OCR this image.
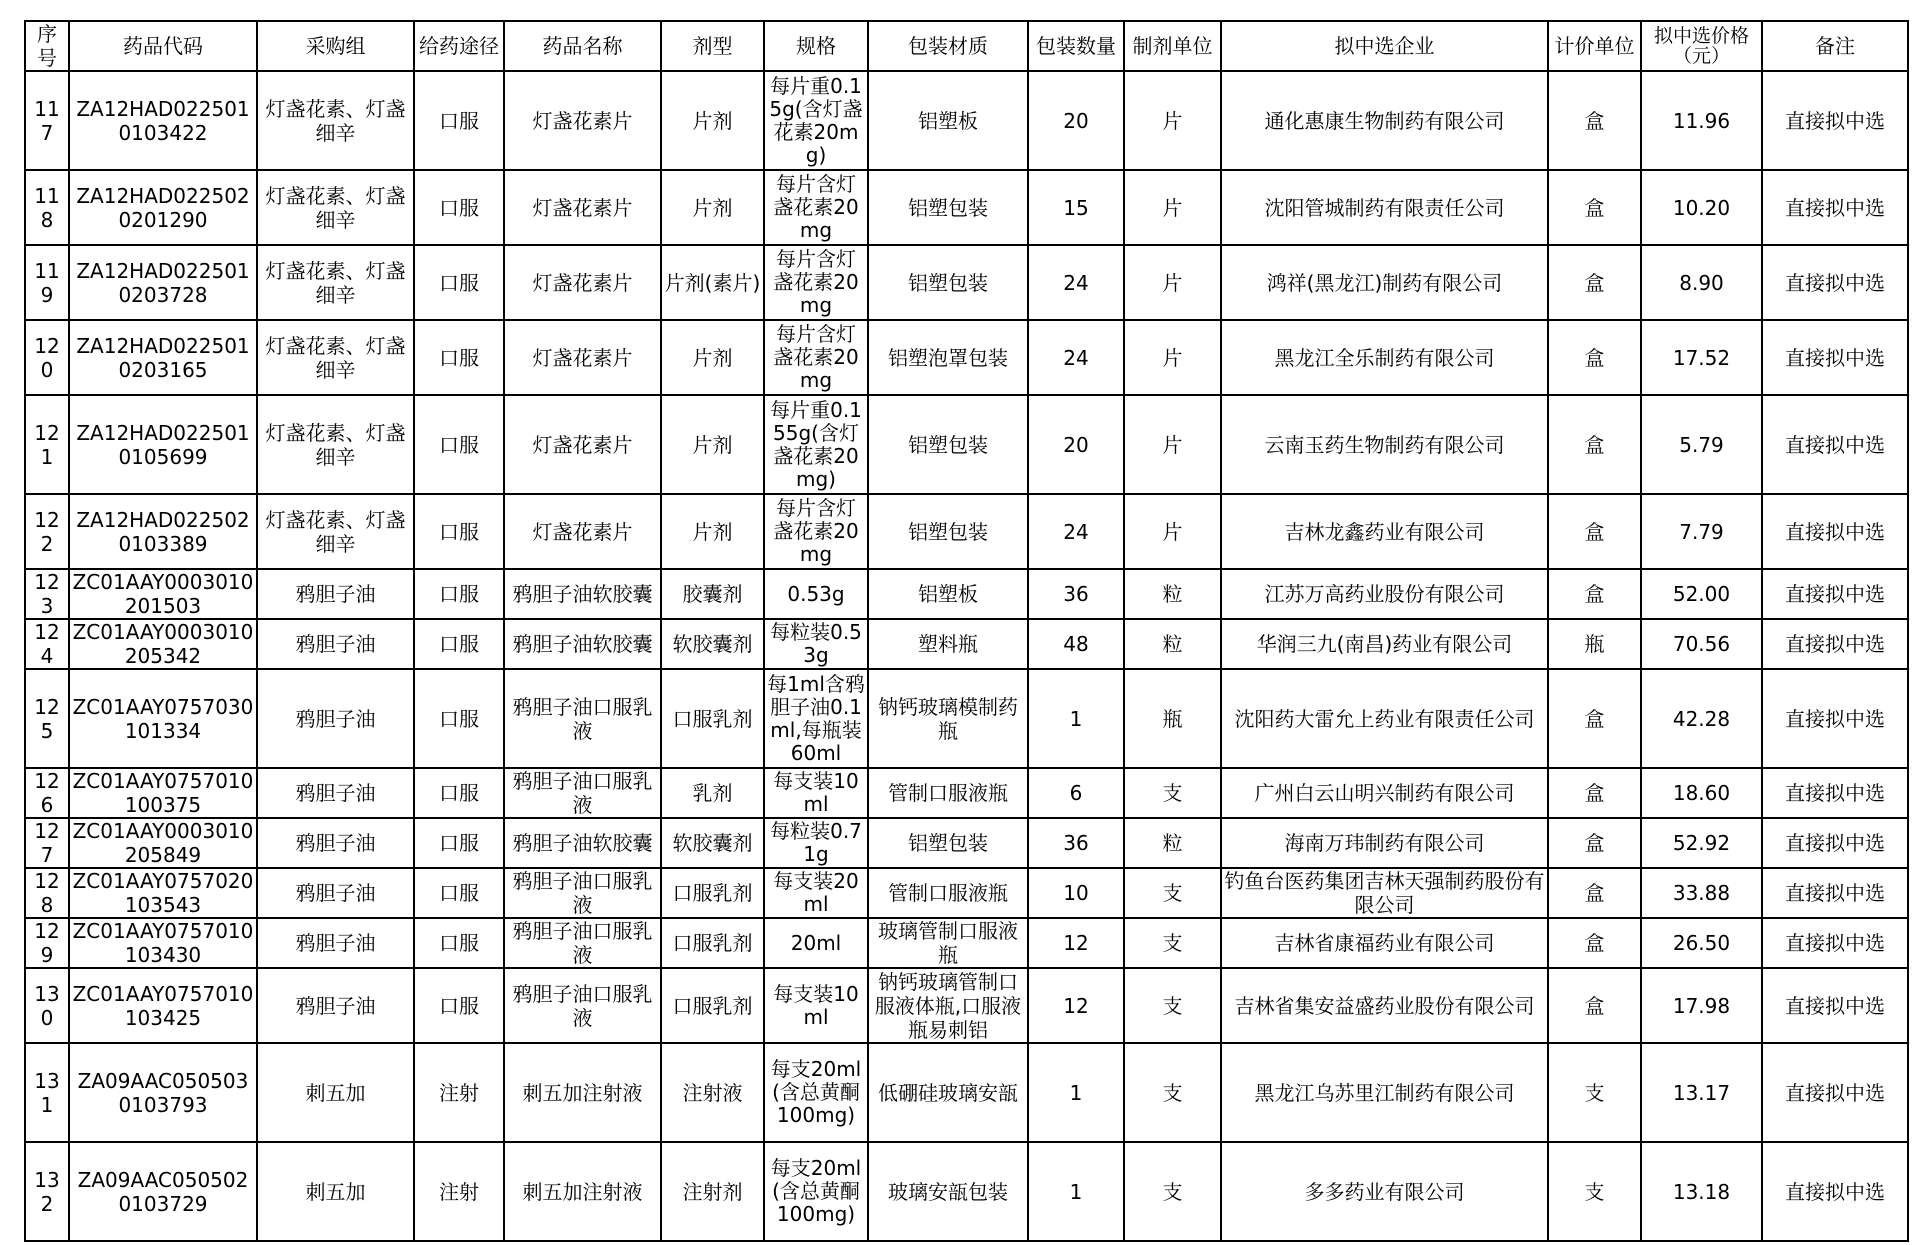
序号	药品代码	采购组	给药途径	药品名称	剂型	规格	包装材质	包装数量	制剂单位	拟中选企业	计价单位	拟中选价格（元）	备注
117	ZA12HAD0225010103422	灯盏花素、灯盏细辛	口服	灯盏花素片	片剂	每片重0.15g(含灯盏花素20mg)	铝塑板	20	片	通化惠康生物制药有限公司	盒	11.96	直接拟中选
118	ZA12HAD0225020201290	灯盏花素、灯盏细辛	口服	灯盏花素片	片剂	每片含灯盏花素20mg	铝塑包装	15	片	沈阳管城制药有限责任公司	盒	10.20	直接拟中选
119	ZA12HAD0225010203728	灯盏花素、灯盏细辛	口服	灯盏花素片	片剂(素片)	每片含灯盏花素20mg	铝塑包装	24	片	鸿祥(黑龙江)制药有限公司	盒	8.90	直接拟中选
120	ZA12HAD0225010203165	灯盏花素、灯盏细辛	口服	灯盏花素片	片剂	每片含灯盏花素20mg	铝塑泡罩包装	24	片	黑龙江全乐制药有限公司	盒	17.52	直接拟中选
121	ZA12HAD0225010105699	灯盏花素、灯盏细辛	口服	灯盏花素片	片剂	每片重0.155g(含灯盏花素20mg)	铝塑包装	20	片	云南玉药生物制药有限公司	盒	5.79	直接拟中选
122	ZA12HAD0225020103389	灯盏花素、灯盏细辛	口服	灯盏花素片	片剂	每片含灯盏花素20mg	铝塑包装	24	片	吉林龙鑫药业有限公司	盒	7.79	直接拟中选
123	ZC01AAY0003010201503	鸦胆子油	口服	鸦胆子油软胶囊	胶囊剂	0.53g	铝塑板	36	粒	江苏万高药业股份有限公司	盒	52.00	直接拟中选
124	ZC01AAY0003010205342	鸦胆子油	口服	鸦胆子油软胶囊	软胶囊剂	每粒装0.53g	塑料瓶	48	粒	华润三九(南昌)药业有限公司	瓶	70.56	直接拟中选
125	ZC01AAY0757030101334	鸦胆子油	口服	鸦胆子油口服乳液	口服乳剂	每1ml含鸦胆子油0.1ml,每瓶装60ml	钠钙玻璃模制药瓶	1	瓶	沈阳药大雷允上药业有限责任公司	盒	42.28	直接拟中选
126	ZC01AAY0757010100375	鸦胆子油	口服	鸦胆子油口服乳液	乳剂	每支装10ml	管制口服液瓶	6	支	广州白云山明兴制药有限公司	盒	18.60	直接拟中选
127	ZC01AAY0003010205849	鸦胆子油	口服	鸦胆子油软胶囊	软胶囊剂	每粒装0.71g	铝塑包装	36	粒	海南万玮制药有限公司	盒	52.92	直接拟中选
128	ZC01AAY0757020103543	鸦胆子油	口服	鸦胆子油口服乳液	口服乳剂	每支装20ml	管制口服液瓶	10	支	钓鱼台医药集团吉林天强制药股份有限公司	盒	33.88	直接拟中选
129	ZC01AAY0757010103430	鸦胆子油	口服	鸦胆子油口服乳液	口服乳剂	20ml	玻璃管制口服液瓶	12	支	吉林省康福药业有限公司	盒	26.50	直接拟中选
130	ZC01AAY0757010103425	鸦胆子油	口服	鸦胆子油口服乳液	口服乳剂	每支装10ml	钠钙玻璃管制口服液体瓶,口服液瓶易刺铝	12	支	吉林省集安益盛药业股份有限公司	盒	17.98	直接拟中选
131	ZA09AAC0505030103793	刺五加	注射	刺五加注射液	注射液	每支20ml(含总黄酮100mg)	低硼硅玻璃安瓿	1	支	黑龙江乌苏里江制药有限公司	支	13.17	直接拟中选
132	ZA09AAC0505020103729	刺五加	注射	刺五加注射液	注射剂	每支20ml(含总黄酮100mg)	玻璃安瓿包装	1	支	多多药业有限公司	支	13.18	直接拟中选
